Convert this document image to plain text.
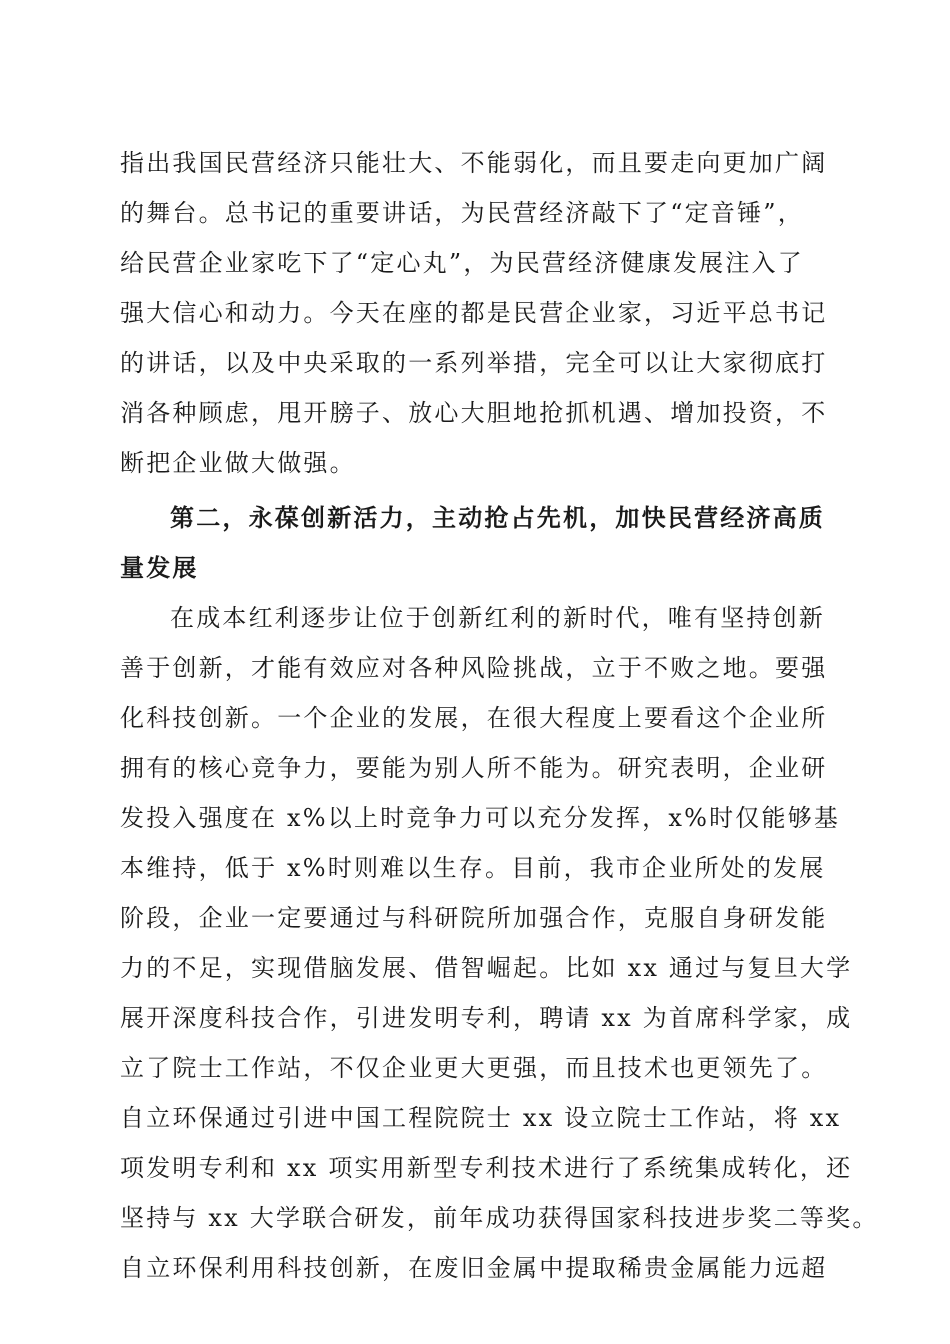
指出我国民营经济只能壮大、不能弱化，而且要走向更加广阔
的舞台。总书记的重要讲话，为民营经济敲下了“定音锤”，
给民营企业家吃下了“定心丸”，为民营经济健康发展注入了
强大信心和动力。今天在座的都是民营企业家，习近平总书记
的讲话，以及中央采取的一系列举措，完全可以让大家彻底打
消各种顾虑，甩开膀子、放心大胆地抢抓机遇、增加投资，不
断把企业做大做强。
第二，永葆创新活力，主动抢占先机，加快民营经济高质
量发展
在成本红利逐步让位于创新红利的新时代，唯有坚持创新
善于创新，才能有效应对各种风险挑战，立于不败之地。要强
化科技创新。一个企业的发展，在很大程度上要看这个企业所
拥有的核心竞争力，要能为别人所不能为。研究表明，企业研
发投入强度在 x%以上时竞争力可以充分发挥，x%时仅能够基
本维持，低于 x%时则难以生存。目前，我市企业所处的发展
阶段，企业一定要通过与科研院所加强合作，克服自身研发能
力的不足，实现借脑发展、借智崛起。比如 xx 通过与复旦大学
展开深度科技合作，引进发明专利，聘请 xx 为首席科学家，成
立了院士工作站，不仅企业更大更强，而且技术也更领先了。
自立环保通过引进中国工程院院士 xx 设立院士工作站，将 xx
项发明专利和 xx 项实用新型专利技术进行了系统集成转化，还
坚持与 xx 大学联合研发，前年成功获得国家科技进步奖二等奖。
自立环保利用科技创新，在废旧金属中提取稀贵金属能力远超
